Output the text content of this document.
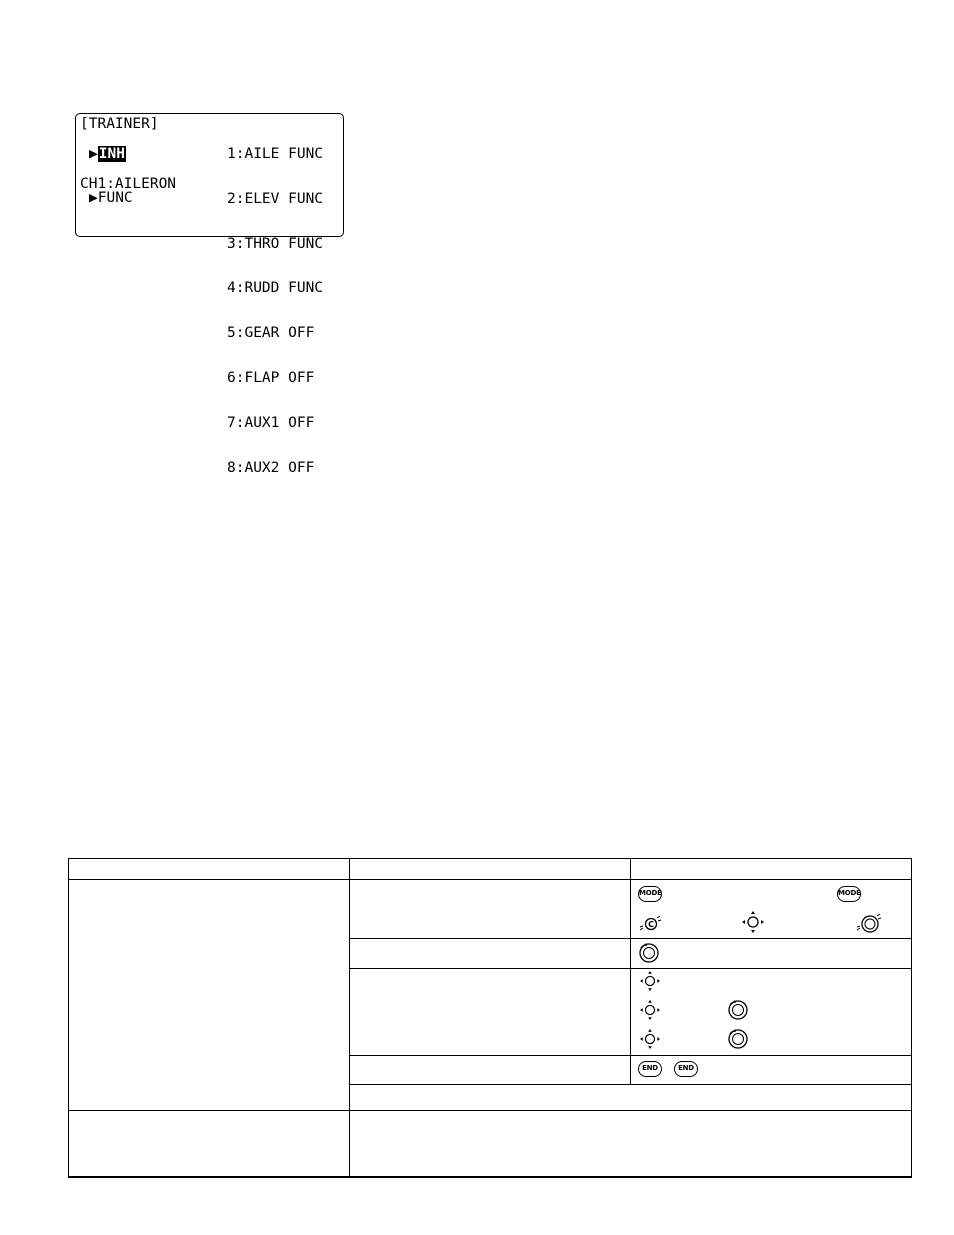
[TRAINER]
▶INH
CH1:AILERON
▶FUNC

1:AILE FUNC

2:ELEV FUNC

3:THRO FUNC

4:RUDD FUNC

5:GEAR OFF

6:FLAP OFF

7:AUX1 OFF

8:AUX2 OFF

MODE	MODE
C
END	END
